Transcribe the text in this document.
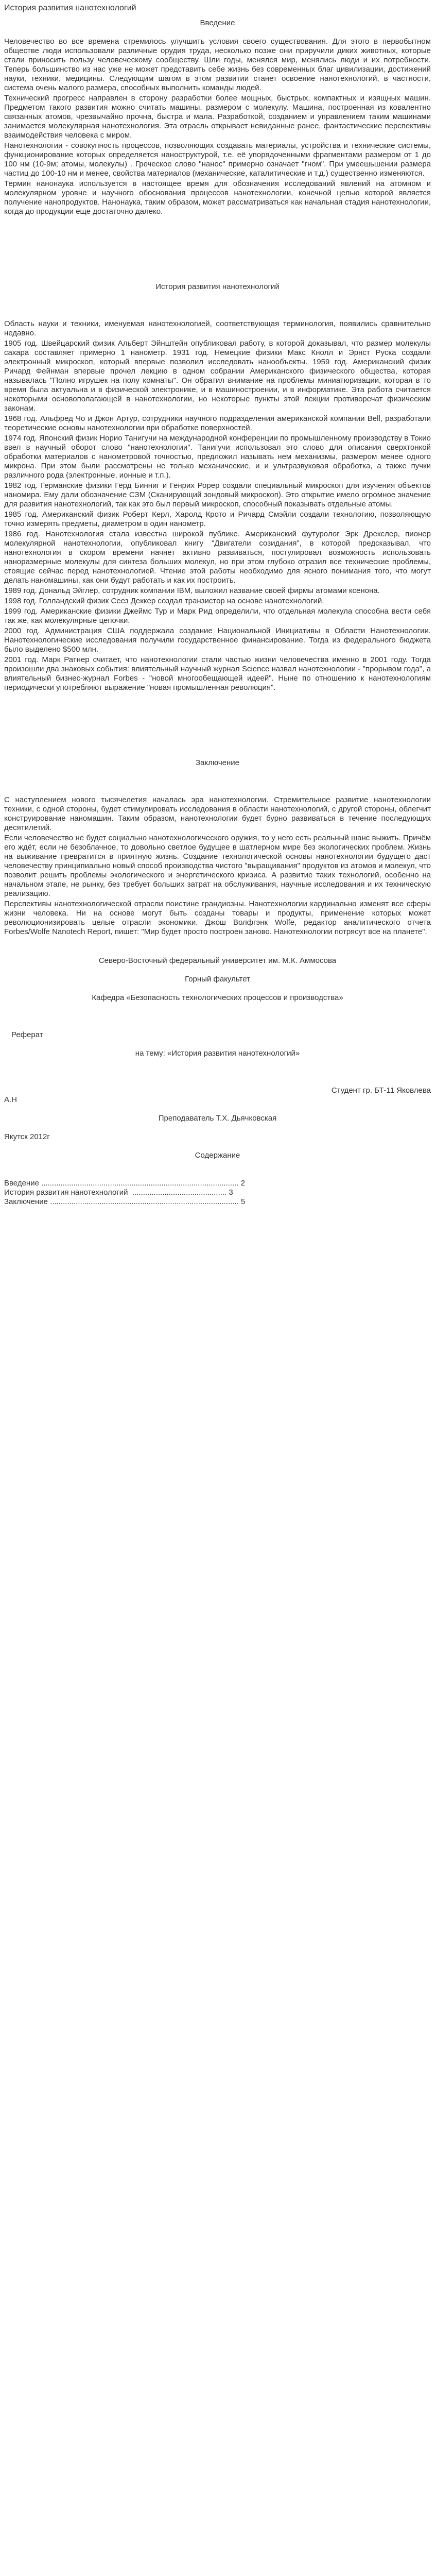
История развития нанотехнологий

Введение

Человечество во все времена стремилось улучшить условия своего существования. Для этого в первобытном обществе люди использовали различные орудия труда, несколько позже они приручили диких животных, которые стали приносить пользу человеческому сообществу. Шли годы, менялся мир, менялись люди и их потребности. Теперь большинство из нас уже не может представить себе жизнь без современных благ цивилизации, достижений науки, техники, медицины. Следующим шагом в этом развитии станет освоение нанотехнологий, в частности, система очень малого размера, способных выполнить команды людей.

Технический прогресс направлен в сторону разработки более мощных, быстрых, компактных и изящных машин. Предметом такого развития можно считать машины, размером с молекулу. Машина, построенная из ковалентно связанных атомов, чрезвычайно прочна, быстра и мала. Разработкой, созданием и управлением таким машинами занимается молекулярная нанотехнология. Эта отрасль открывает невиданные ранее, фантастические перспективы взаимодействия человека с миром.

Нанотехнологии - совокупность процессов, позволяющих создавать материалы, устройства и технические системы, функционирование которых определяется наноструктурой, т.е. её упорядоченными фрагментами размером от 1 до 100 нм (10-9м; атомы, молекулы) . Греческое слово "нанос" примерно означает "гном". При умеешьшении размера частиц до 100-10 нм и менее, свойства материалов (механические, каталитические и т.д.) существенно изменяются.

Термин нанонаука используется в настоящее время для обозначения исследований явлений на атомном и молекулярном уровне и научного обоснования процессов нанотехнологии, конечной целью которой является получение нанопродуктов. Нанонаука, таким образом, может рассматриваться как начальная стадия нанотехнологии, когда до продукции еще достаточно далеко.

История развития нанотехнологий

Область науки и техники, именуемая нанотехнологией, соответствующая терминология, появились сравнительно недавно.

1905 год. Швейцарский физик Альберт Эйнштейн опубликовал работу, в которой доказывал, что размер молекулы сахара составляет примерно 1 нанометр. 1931 год. Немецкие физики Макс Кнолл и Эрнст Руска создали электронный микроскоп, который впервые позволил исследовать нанообъекты. 1959 год. Американский физик Ричард Фейнман впервые прочел лекцию в одном собрании Американского физического общества, которая называлась "Полно игрушек на полу комнаты". Он обратил внимание на проблемы миниатюризации, которая в то время была актуальна и в физической электронике, и в машиностроении, и в информатике. Эта работа считается некоторыми основополагающей в нанотехнологии, но некоторые пункты этой лекции противоречат физическим законам.

1968 год. Альфред Чо и Джон Артур, сотрудники научного подразделения американской компании Bell, разработали теоретические основы нанотехнологии при обработке поверхностей.

1974 год. Японский физик Норио Танигучи на международной конференции по промышленному производству в Токио ввел в научный оборот слово "нанотехнологии". Танигучи использовал это слово для описания сверхтонкой обработки материалов с нанометровой точностью, предложил называть нем механизмы, размером менее одного микрона. При этом были рассмотрены не только механические, и и ультразвуковая обработка, а также пучки различного рода (электронные, ионные и т.п.).

1982 год. Германские физики Герд Бинниг и Генрих Рорер создали специальный микроскоп для изучения объектов наномира. Ему дали обозначение СЗМ (Сканирующий зондовый микроскоп). Это открытие имело огромное значение для развития нанотехнологий, так как это был первый микроскоп, способный показывать отдельные атомы.

1985 год. Американский физик Роберт Керл, Харолд Крото и Ричард Смэйли создали технологию, позволяющую точно измерять предметы, диаметром в один нанометр.

1986 год. Нанотехнология стала известна широкой публике. Американский футуролог Эрк Дрекслер, пионер молекулярной нанотехнологии, опубликовал книгу "Двигатели созидания", в которой предсказывал, что нанотехнология в скором времени начнет активно развиваться, постулировал возможность использовать наноразмерные молекулы для синтеза больших молекул, но при этом глубоко отразил все технические проблемы, стоящие сейчас перед нанотехнологией. Чтение этой работы необходимо для ясного понимания того, что могут делать наномашины, как они будут работать и как их построить.

1989 год. Дональд Эйглер, сотрудник компании IBM, выложил название своей фирмы атомами ксенона.

1998 год. Голландский физик Сеез Деккер создал транзистор на основе нанотехнологий.

1999 год. Американские физики Джеймс Тур и Марк Рид определили, что отдельная молекула способна вести себя так же, как молекулярные цепочки.

2000 год. Администрация США поддержала создание Национальной Инициативы в Области Нанотехнологии. Нанотехнологические исследования получили государственное финансирование. Тогда из федерального бюджета было выделено $500 млн.

2001 год. Марк Ратнер считает, что нанотехнологии стали частью жизни человечества именно в 2001 году. Тогда произошли два знаковых события: влиятельный научный журнал Science назвал нанотехнологии - "прорывом года", а влиятельный бизнес-журнал Forbes - "новой многообещающей идеей". Ныне по отношению к нанотехнологиям периодически употребляют выражение "новая промышленная революция".

Заключение

С наступлением нового тысячелетия началась эра нанотехнологии. Стремительное развитие нанотехнологии техники, с одной стороны, будет стимулировать исследования в области нанотехнологий, с другой стороны, облегчит конструирование наномашин. Таким образом, нанотехнологии будет бурно развиваться в течение последующих десятилетий.

Если человечество не будет социально нанотехнологического оружия, то у него есть реальный шанс выжить. Причём его ждёт, если не безоблачное, то довольно светлое будущее в шатлерном мире без экологических проблем. Жизнь на выживание превратится в приятную жизнь. Создание технологической основы нанотехнологии будущего даст человечеству принципиально новый способ производства чистого "выращивания" продуктов из атомов и молекул, что позволит решить проблемы экологического и энергетического кризиса. А развитие таких технологий, особенно на начальном этапе, не рынку, без требует больших затрат на обслуживания, научные исследования и их техническую реализацию.

Перспективы нанотехнологической отрасли поистине грандиозны. Нанотехнологии кардинально изменят все сферы жизни человека. Ни на основе могут быть созданы товары и продукты, применение которых может революционизировать целые отрасли экономики. Джош Волфгэнк Wolfe, редактор аналитического отчета Forbes/Wolfe Nanotech Report, пишет: "Мир будет просто построен заново. Нанотехнологии потрясут все на планете".

Северо-Восточный федеральный университет им. М.К. Аммосова

Горный факультет

Кафедра «Безопасность технологических процессов и производства»

Реферат

на тему: «История развития нанотехнологий»

Студент гр. БТ-11 Яковлева

А.Н

Преподаватель Т.Х. Дьячковская

Якутск 2012г

Содержание

Введение ............................................................................................ 2

История развития нанотехнологий  ............................................ 3

Заключение ........................................................................................ 5
